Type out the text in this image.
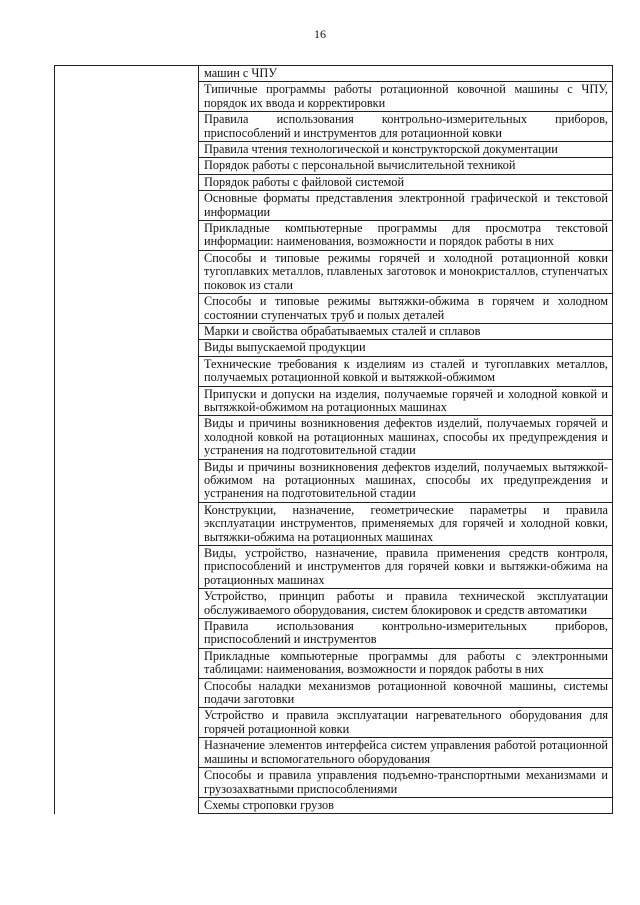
16
	машин с ЧПУ
Типичные программы работы ротационной ковочной машины с ЧПУ, порядок их ввода и корректировки
Правила использования контрольно-измерительных приборов, приспособлений и инструментов для ротационной ковки
Правила чтения технологической и конструкторской документации
Порядок работы с персональной вычислительной техникой
Порядок работы с файловой системой
Основные форматы представления электронной графической и текстовой информации
Прикладные компьютерные программы для просмотра текстовой информации: наименования, возможности и порядок работы в них
Способы и типовые режимы горячей и холодной ротационной ковки тугоплавких металлов, плавленых заготовок и монокристаллов, ступенчатых поковок из стали
Способы и типовые режимы вытяжки-обжима в горячем и холодном состоянии ступенчатых труб и полых деталей
Марки и свойства обрабатываемых сталей и сплавов
Виды выпускаемой продукции
Технические требования к изделиям из сталей и тугоплавких металлов, получаемых ротационной ковкой и вытяжкой-обжимом
Припуски и допуски на изделия, получаемые горячей и холодной ковкой и вытяжкой-обжимом на ротационных машинах
Виды и причины возникновения дефектов изделий, получаемых горячей и холодной ковкой на ротационных машинах, способы их предупреждения и устранения на подготовительной стадии
Виды и причины возникновения дефектов изделий, получаемых вытяжкой-обжимом на ротационных машинах, способы их предупреждения и устранения на подготовительной стадии
Конструкции, назначение, геометрические параметры и правила эксплуатации инструментов, применяемых для горячей и холодной ковки, вытяжки-обжима на ротационных машинах
Виды, устройство, назначение, правила применения средств контроля, приспособлений и инструментов для горячей ковки и вытяжки-обжима на ротационных машинах
Устройство, принцип работы и правила технической эксплуатации обслуживаемого оборудования, систем блокировок и средств автоматики
Правила использования контрольно-измерительных приборов, приспособлений и инструментов
Прикладные компьютерные программы для работы с электронными таблицами: наименования, возможности и порядок работы в них
Способы наладки механизмов ротационной ковочной машины, системы подачи заготовки
Устройство и правила эксплуатации нагревательного оборудования для горячей ротационной ковки
Назначение элементов интерфейса систем управления работой ротационной машины и вспомогательного оборудования
Способы и правила управления подъемно-транспортными механизмами и грузозахватными приспособлениями
Схемы строповки грузов
